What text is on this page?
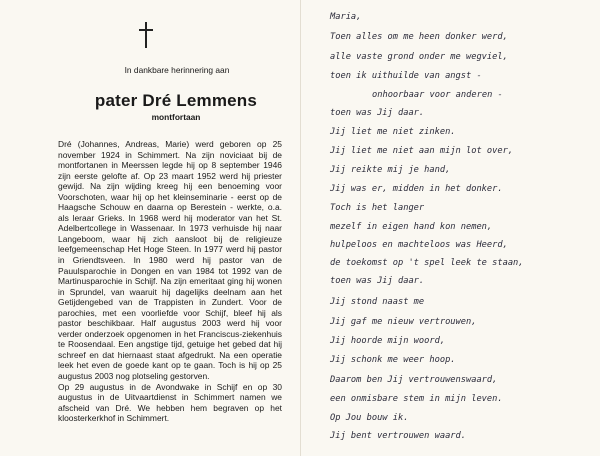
In dankbare herinnering aan
pater Dré Lemmens
montfortaan

Dré (Johannes, Andreas, Marie) werd geboren op 25 november 1924 in Schimmert. Na zijn noviciaat bij de montfortanen in Meerssen legde hij op 8 september 1946 zijn eerste gelofte af. Op 23 maart 1952 werd hij priester gewijd. Na zijn wijding kreeg hij een benoeming voor Voorschoten, waar hij op het kleinseminarie - eerst op de Haagsche Schouw en daarna op Berestein - werkte, o.a. als leraar Grieks. In 1968 werd hij moderator van het St. Adelbertcollege in Wassenaar. In 1973 verhuisde hij naar Langeboom, waar hij zich aansloot bij de religieuze leefgemeenschap Het Hoge Steen. In 1977 werd hij pastor in Griendtsveen. In 1980 werd hij pastor van de Pauulsparochie in Dongen en van 1984 tot 1992 van de Martinusparochie in Schijf. Na zijn emeritaat ging hij wonen in Sprundel, van waaruit hij dagelijks deelnam aan het Getijdengebed van de Trappisten in Zundert. Voor de parochies, met een voorliefde voor Schijf, bleef hij als pastor beschikbaar. Half augustus 2003 werd hij voor verder onderzoek opgenomen in het Franciscus-ziekenhuis te Roosendaal. Een angstige tijd, getuige het gebed dat hij schreef en dat hiernaast staat afgedrukt. Na een operatie leek het even de goede kant op te gaan. Toch is hij op 25 augustus 2003 nog plotseling gestorven.

Op 29 augustus in de Avondwake in Schijf en op 30 augustus in de Uitvaartdienst in Schimmert namen we afscheid van Dré. We hebben hem begraven op het kloosterkerkhof in Schimmert.

Maria,
Toen alles om me heen donker werd,
alle vaste grond onder me wegviel,
toen ik uithuilde van angst -
onhoorbaar voor anderen -
toen was Jij daar.
Jij liet me niet zinken.
Jij liet me niet aan mijn lot over,
Jij reikte mij je hand,
Jij was er, midden in het donker.
Toch is het langer
mezelf in eigen hand kon nemen,
hulpeloos en machteloos was Heerd,
de toekomst op 't spel leek te staan,
toen was Jij daar.
Jij stond naast me
Jij gaf me nieuw vertrouwen,
Jij hoorde mijn woord,
Jij schonk me weer hoop.
Daarom ben Jij vertrouwenswaard,
een onmisbare stem in mijn leven.
Op Jou bouw ik.
Jij bent vertrouwen waard.
